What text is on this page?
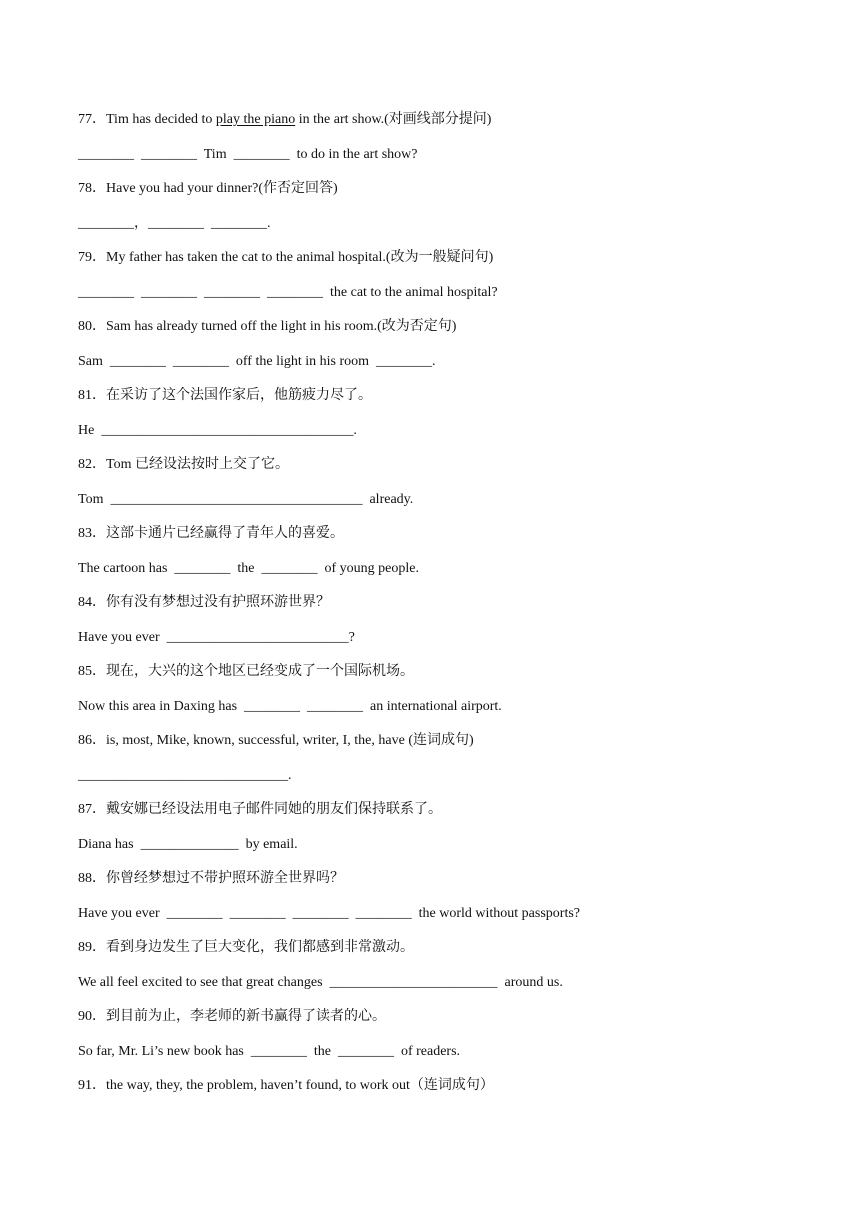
77．Tim has decided to play the piano in the art show.(对画线部分提问)
________  ________  Tim  ________  to do in the art show?
78．Have you had your dinner?(作否定回答)
________，________  ________.
79．My father has taken the cat to the animal hospital.(改为一般疑问句)
________  ________  ________  ________  the cat to the animal hospital?
80．Sam has already turned off the light in his room.(改为否定句)
Sam  ________  ________  off the light in his room  ________.
81．在采访了这个法国作家后，他筋疲力尽了。
He  ____________________________________.
82．Tom 已经设法按时上交了它。
Tom  ____________________________________  already.
83．这部卡通片已经赢得了青年人的喜爱。
The cartoon has  ________  the  ________  of young people.
84．你有没有梦想过没有护照环游世界？
Have you ever  __________________________?
85．现在，大兴的这个地区已经变成了一个国际机场。
Now this area in Daxing has  ________  ________  an international airport.
86．is, most, Mike, known, successful, writer, I, the, have (连词成句)
______________________________.
87．戴安娜已经设法用电子邮件同她的朋友们保持联系了。
Diana has  ______________  by email.
88．你曾经梦想过不带护照环游全世界吗？
Have you ever  ________  ________  ________  ________  the world without passports?
89．看到身边发生了巨大变化，我们都感到非常激动。
We all feel excited to see that great changes  ________________________  around us.
90．到目前为止，李老师的新书赢得了读者的心。
So far, Mr. Li’s new book has  ________  the  ________  of readers.
91．the way, they, the problem, haven’t found, to work out（连词成句）
